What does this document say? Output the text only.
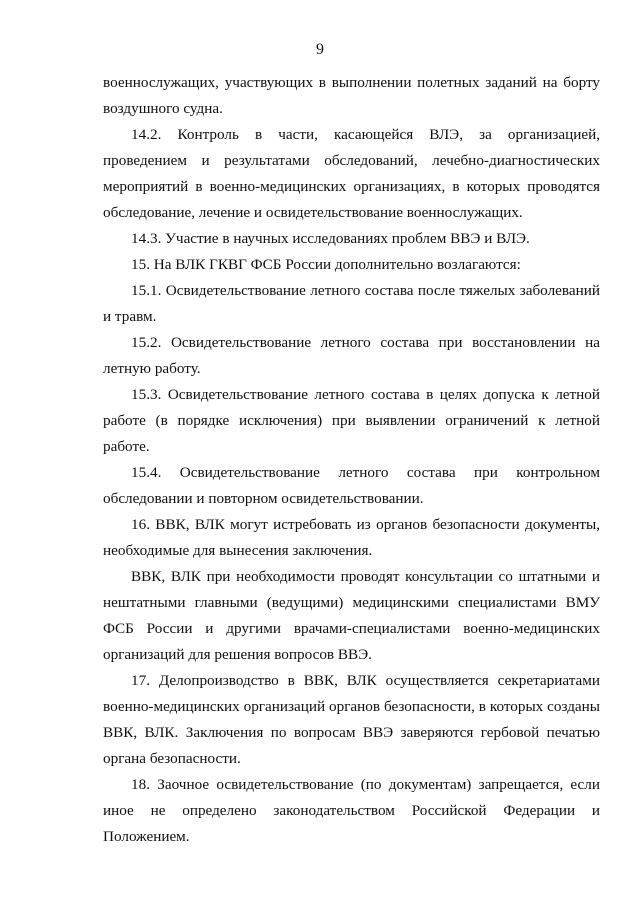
9

военнослужащих, участвующих в выполнении полетных заданий на борту воздушного судна.

14.2. Контроль в части, касающейся ВЛЭ, за организацией, проведением и результатами обследований, лечебно-диагностических мероприятий в военно-медицинских организациях, в которых проводятся обследование, лечение и освидетельствование военнослужащих.

14.3. Участие в научных исследованиях проблем ВВЭ и ВЛЭ.

15. На ВЛК ГКВГ ФСБ России дополнительно возлагаются:

15.1. Освидетельствование летного состава после тяжелых заболеваний и травм.

15.2. Освидетельствование летного состава при восстановлении на летную работу.

15.3. Освидетельствование летного состава в целях допуска к летной работе (в порядке исключения) при выявлении ограничений к летной работе.

15.4. Освидетельствование летного состава при контрольном обследовании и повторном освидетельствовании.

16. ВВК, ВЛК могут истребовать из органов безопасности документы, необходимые для вынесения заключения.

ВВК, ВЛК при необходимости проводят консультации со штатными и нештатными главными (ведущими) медицинскими специалистами ВМУ ФСБ России и другими врачами-специалистами военно-медицинских организаций для решения вопросов ВВЭ.

17. Делопроизводство в ВВК, ВЛК осуществляется секретариатами военно-медицинских организаций органов безопасности, в которых созданы ВВК, ВЛК. Заключения по вопросам ВВЭ заверяются гербовой печатью органа безопасности.

18. Заочное освидетельствование (по документам) запрещается, если иное не определено законодательством Российской Федерации и Положением.
